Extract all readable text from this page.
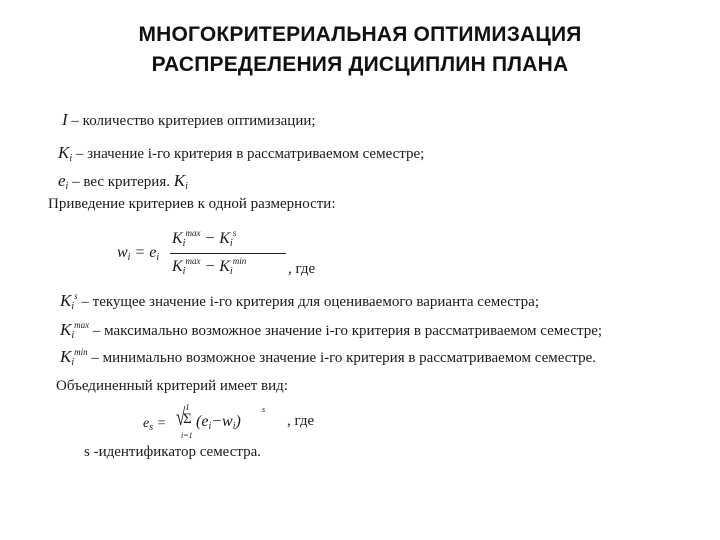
МНОГОКРИТЕРИАЛЬНАЯ ОПТИМИЗАЦИЯ
РАСПРЕДЕЛЕНИЯ ДИСЦИПЛИН ПЛАНА
I – количество критериев оптимизации;
$K_i$ – значение i-го критерия в рассматриваемом семестре;
$e_i$ – вес критерия. $K_i$
Приведение критериев к одной размерности:
$w_i = e_i$
$K_i^{max} - K_i^s$
$K_i^{max} - K_i^{min}$	, где
$K_i^s$ – текущее значение i-го критерия для оцениваемого варианта семестра;
$K_i^{max}$ – максимально возможное значение i-го критерия в рассматриваемом семестре;
$K_i^{min}$ – минимально возможное значение i-го критерия в рассматриваемом семестре.
Объединенный критерий имеет вид:
$e_s$ = √ I
Σ
i=1
$(e_i-w_i)$
s
, где
s -идентификатор семестра.
